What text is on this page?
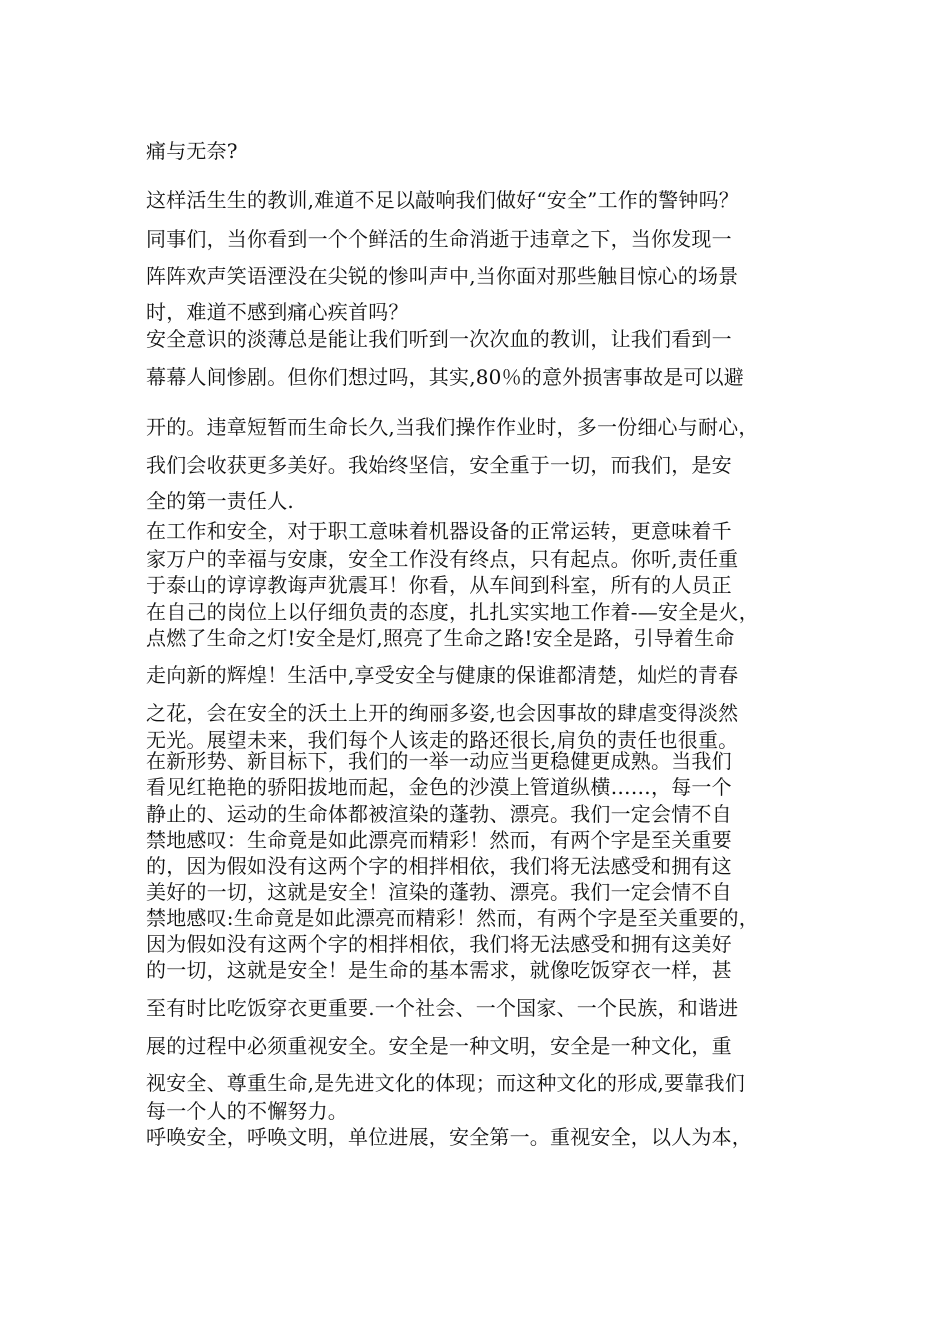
痛与无奈?
这样活生生的教训,难道不足以敲响我们做好“安全”工作的警钟吗？
同事们，当你看到一个个鲜活的生命消逝于违章之下，当你发现一
阵阵欢声笑语湮没在尖锐的惨叫声中,当你面对那些触目惊心的场景
时，难道不感到痛心疾首吗？
安全意识的淡薄总是能让我们听到一次次血的教训，让我们看到一
幕幕人间惨剧。但你们想过吗，其实,80％的意外损害事故是可以避
开的。违章短暂而生命长久,当我们操作作业时，多一份细心与耐心，
我们会收获更多美好。我始终坚信，安全重于一切，而我们，是安
全的第一责任人.
在工作和安全，对于职工意味着机器设备的正常运转，更意味着千
家万户的幸福与安康，安全工作没有终点，只有起点。你听,责任重
于泰山的谆谆教诲声犹震耳！你看，从车间到科室，所有的人员正
在自己的岗位上以仔细负责的态度，扎扎实实地工作着-—安全是火，
点燃了生命之灯!安全是灯,照亮了生命之路!安全是路，引导着生命
走向新的辉煌！生活中,享受安全与健康的保谁都清楚，灿烂的青春
之花，会在安全的沃土上开的绚丽多姿,也会因事故的肆虐变得淡然
无光。展望未来，我们每个人该走的路还很长,肩负的责任也很重。
在新形势、新目标下，我们的一举一动应当更稳健更成熟。当我们
看见红艳艳的骄阳拔地而起，金色的沙漠上管道纵横……，每一个
静止的、运动的生命体都被渲染的蓬勃、漂亮。我们一定会情不自
禁地感叹：生命竟是如此漂亮而精彩！然而，有两个字是至关重要
的，因为假如没有这两个字的相拌相依，我们将无法感受和拥有这
美好的一切，这就是安全！渲染的蓬勃、漂亮。我们一定会情不自
禁地感叹:生命竟是如此漂亮而精彩！然而，有两个字是至关重要的，
因为假如没有这两个字的相拌相依，我们将无法感受和拥有这美好
的一切，这就是安全！是生命的基本需求，就像吃饭穿衣一样，甚
至有时比吃饭穿衣更重要.一个社会、一个国家、一个民族，和谐进
展的过程中必须重视安全。安全是一种文明，安全是一种文化，重
视安全、尊重生命,是先进文化的体现；而这种文化的形成,要靠我们
每一个人的不懈努力。
呼唤安全，呼唤文明，单位进展，安全第一。重视安全，以人为本，
